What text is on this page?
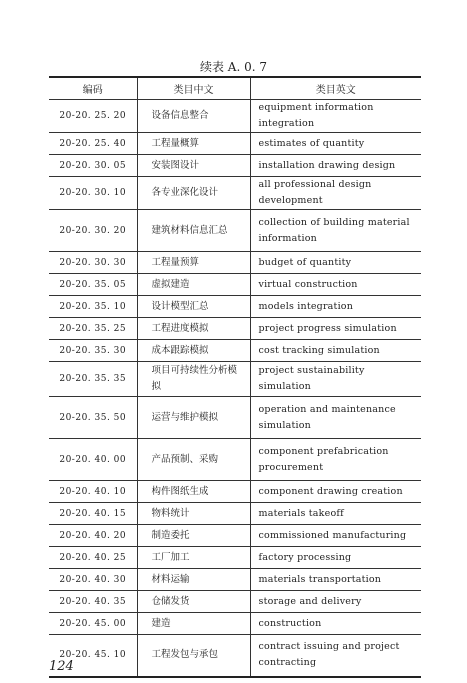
续表 A. 0. 7
编码	类目中文	类目英文
20-20. 25. 20	设备信息整合	equipment information integration
20-20. 25. 40	工程量概算	estimates of quantity
20-20. 30. 05	安装图设计	installation drawing design
20-20. 30. 10	各专业深化设计	all professional design development
20-20. 30. 20	建筑材料信息汇总	collection of building material information
20-20. 30. 30	工程量预算	budget of quantity
20-20. 35. 05	虚拟建造	virtual construction
20-20. 35. 10	设计模型汇总	models integration
20-20. 35. 25	工程进度模拟	project progress simulation
20-20. 35. 30	成本跟踪模拟	cost tracking simulation
20-20. 35. 35	项目可持续性分析模拟	project sustainability simulation
20-20. 35. 50	运营与维护模拟	operation and maintenance simulation
20-20. 40. 00	产品预制、采购	component prefabrication procurement
20-20. 40. 10	构件图纸生成	component drawing creation
20-20. 40. 15	物料统计	materials takeoff
20-20. 40. 20	制造委托	commissioned manufacturing
20-20. 40. 25	工厂加工	factory processing
20-20. 40. 30	材料运输	materials transportation
20-20. 40. 35	仓储发货	storage and delivery
20-20. 45. 00	建造	construction
20-20. 45. 10	工程发包与承包	contract issuing and project contracting
124
